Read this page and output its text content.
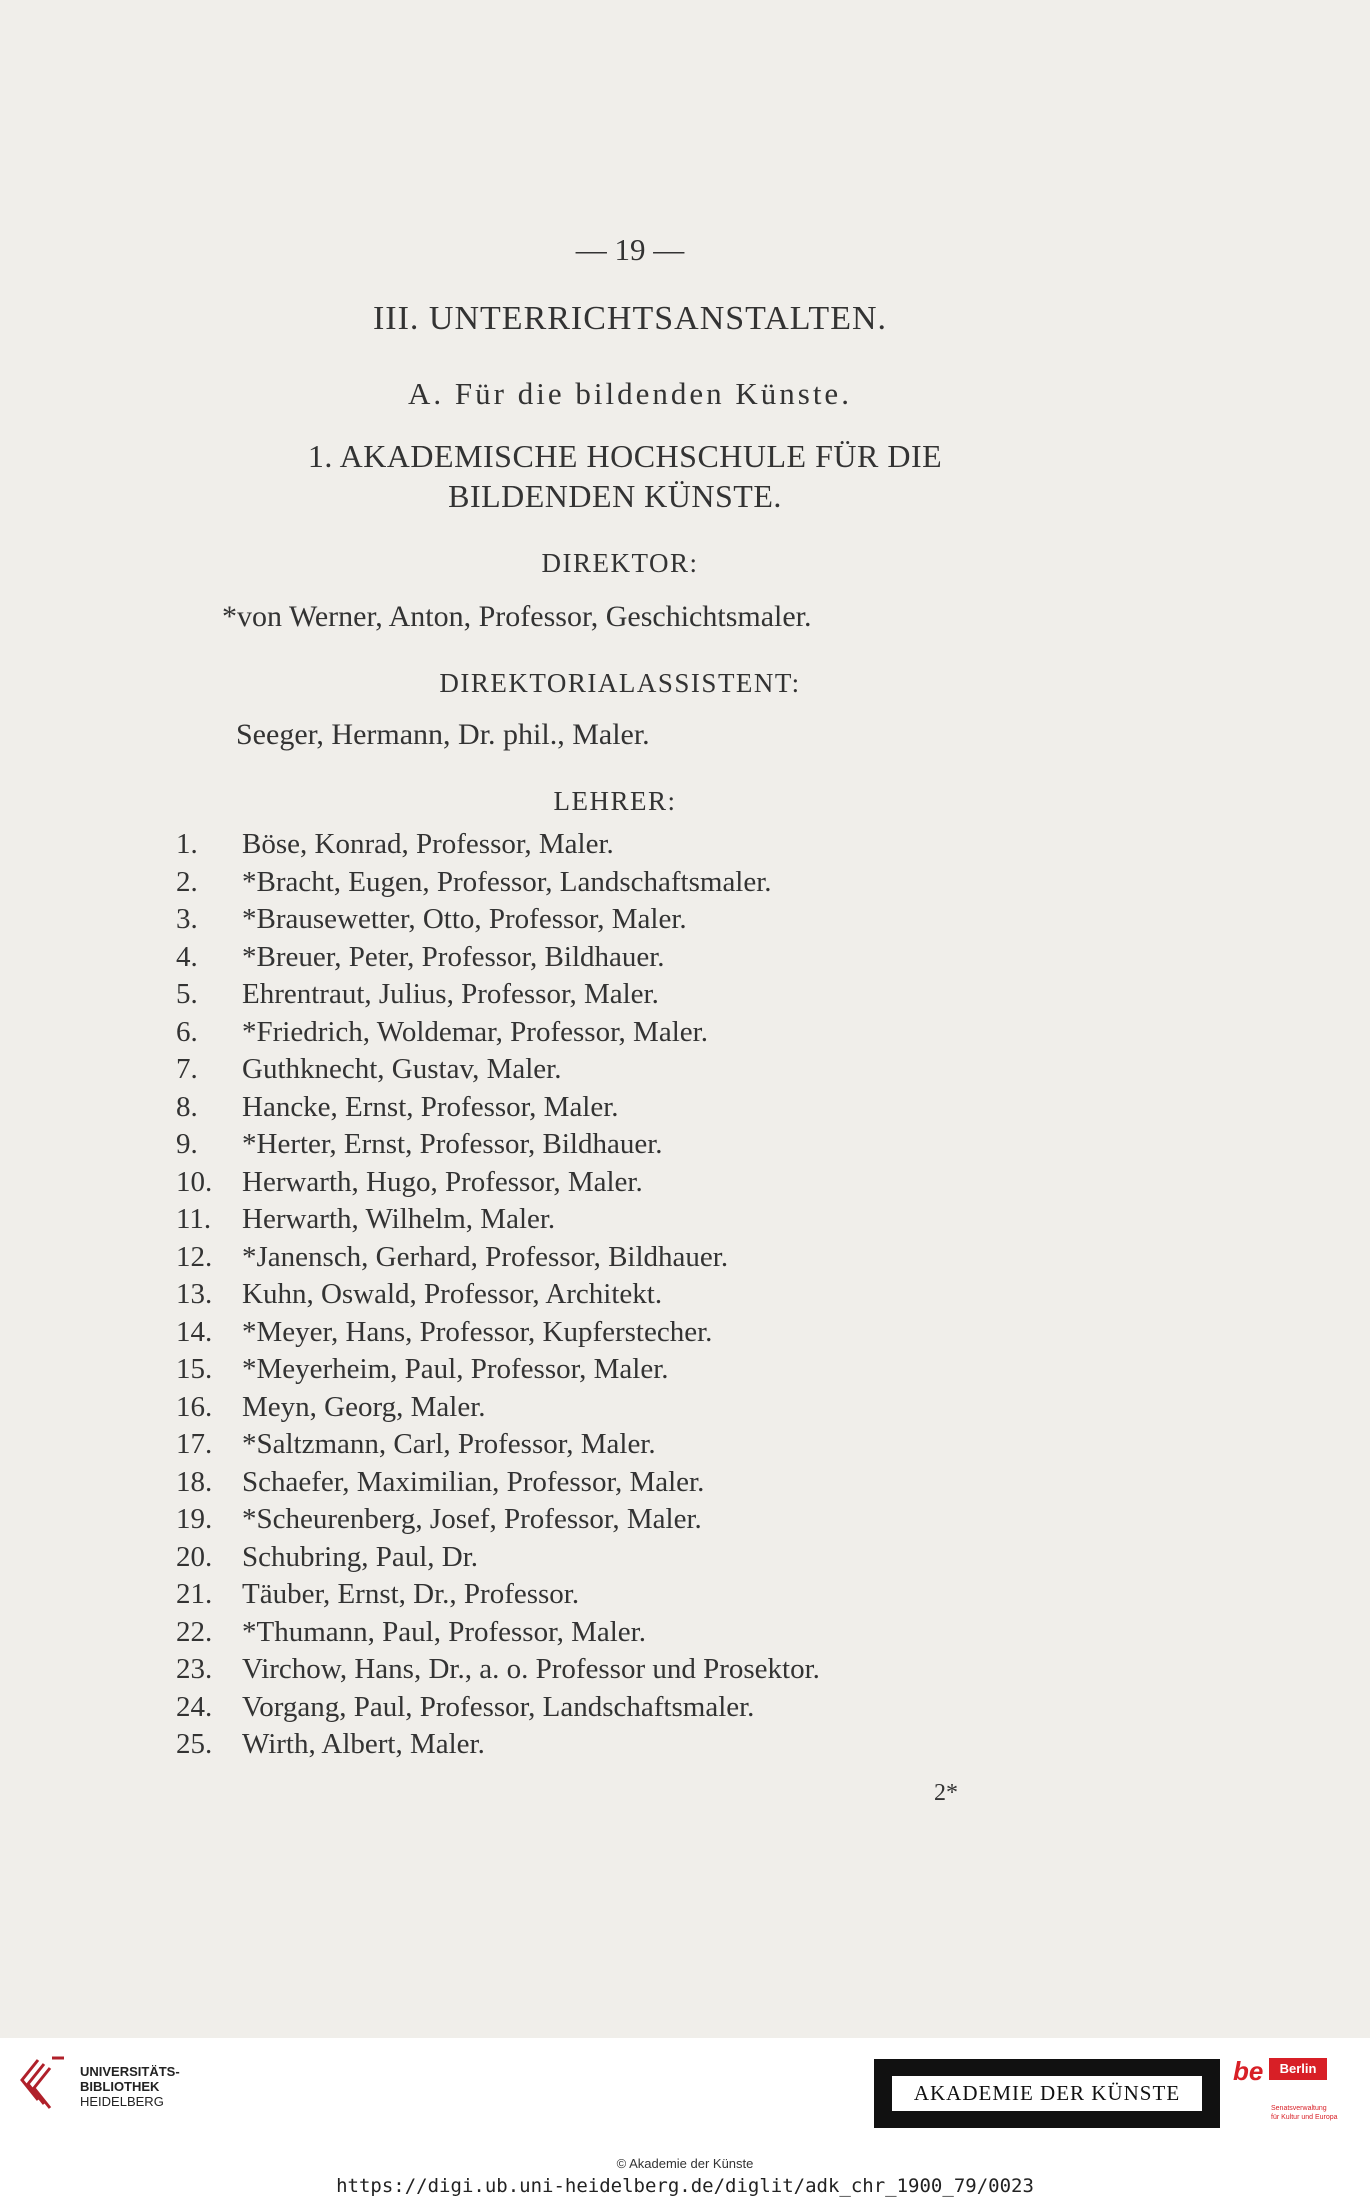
— 19 —
III. UNTERRICHTSANSTALTEN.
A. Für die bildenden Künste.
1. AKADEMISCHE HOCHSCHULE FÜR DIE
BILDENDEN KÜNSTE.
DIREKTOR:
*von Werner, Anton, Professor, Geschichtsmaler.
DIREKTORIALASSISTENT:
Seeger, Hermann, Dr. phil., Maler.
LEHRER:
1. Böse, Konrad, Professor, Maler.
2. *Bracht, Eugen, Professor, Landschaftsmaler.
3. *Brausewetter, Otto, Professor, Maler.
4. *Breuer, Peter, Professor, Bildhauer.
5. Ehrentraut, Julius, Professor, Maler.
6. *Friedrich, Woldemar, Professor, Maler.
7. Guthknecht, Gustav, Maler.
8. Hancke, Ernst, Professor, Maler.
9. *Herter, Ernst, Professor, Bildhauer.
10. Herwarth, Hugo, Professor, Maler.
11. Herwarth, Wilhelm, Maler.
12. *Janensch, Gerhard, Professor, Bildhauer.
13. Kuhn, Oswald, Professor, Architekt.
14. *Meyer, Hans, Professor, Kupferstecher.
15. *Meyerheim, Paul, Professor, Maler.
16. Meyn, Georg, Maler.
17. *Saltzmann, Carl, Professor, Maler.
18. Schaefer, Maximilian, Professor, Maler.
19. *Scheurenberg, Josef, Professor, Maler.
20. Schubring, Paul, Dr.
21. Täuber, Ernst, Dr., Professor.
22. *Thumann, Paul, Professor, Maler.
23. Virchow, Hans, Dr., a. o. Professor und Prosektor.
24. Vorgang, Paul, Professor, Landschaftsmaler.
25. Wirth, Albert, Maler.
2*
UNIVERSITÄTS-
BIBLIOTHEK
HEIDELBERG	AKADEMIE DER KÜNSTE
be	Berlin
Senatsverwaltung
für Kultur und Europa
© Akademie der Künste
https://digi.ub.uni-heidelberg.de/diglit/adk_chr_1900_79/0023
